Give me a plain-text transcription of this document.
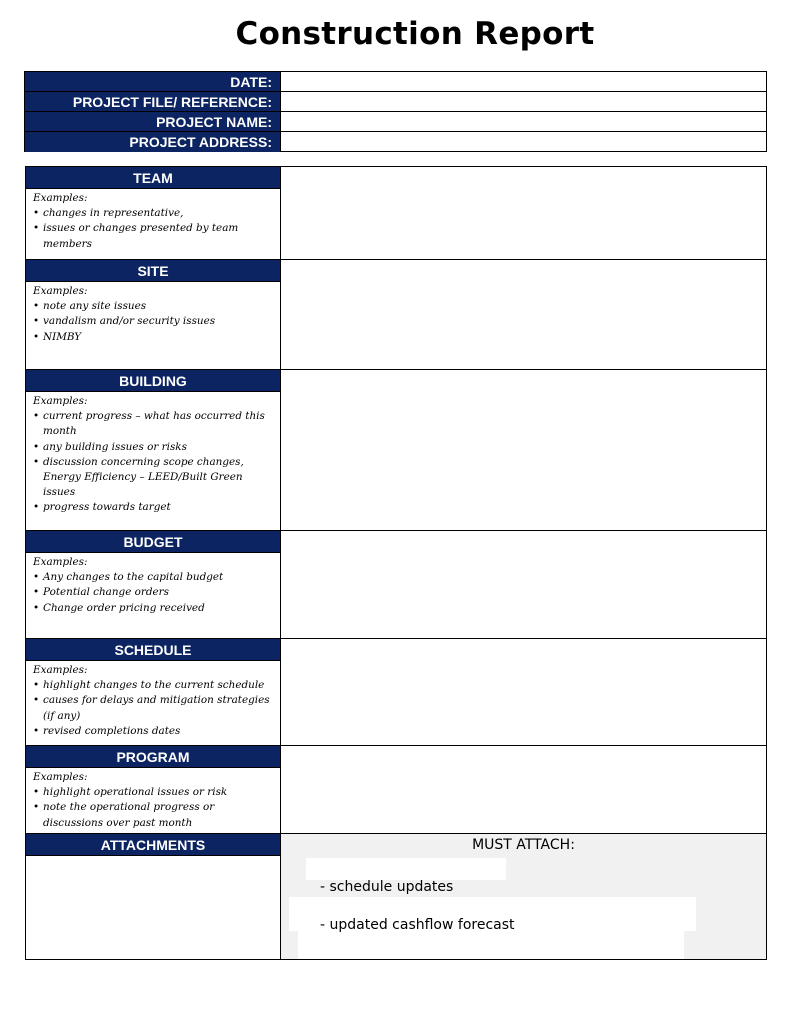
Construction Report
DATE:
PROJECT FILE/ REFERENCE:
PROJECT NAME:
PROJECT ADDRESS:
TEAM
Examples:
• changes in representative,
• issues or changes presented by team members
SITE
Examples:
• note any site issues
• vandalism and/or security issues
• NIMBY
BUILDING
Examples:
• current progress – what has occurred this month
• any building issues or risks
• discussion concerning scope changes, Energy Efficiency – LEED/Built Green issues
• progress towards target
BUDGET
Examples:
• Any changes to the capital budget
• Potential change orders
• Change order pricing received
SCHEDULE
Examples:
• highlight changes to the current schedule
• causes for delays and mitigation strategies (if any)
• revised completions dates
PROGRAM
Examples:
• highlight operational issues or risk
• note the operational progress or discussions over past month
ATTACHMENTS	MUST ATTACH:
- schedule updates
- updated cashflow forecast
